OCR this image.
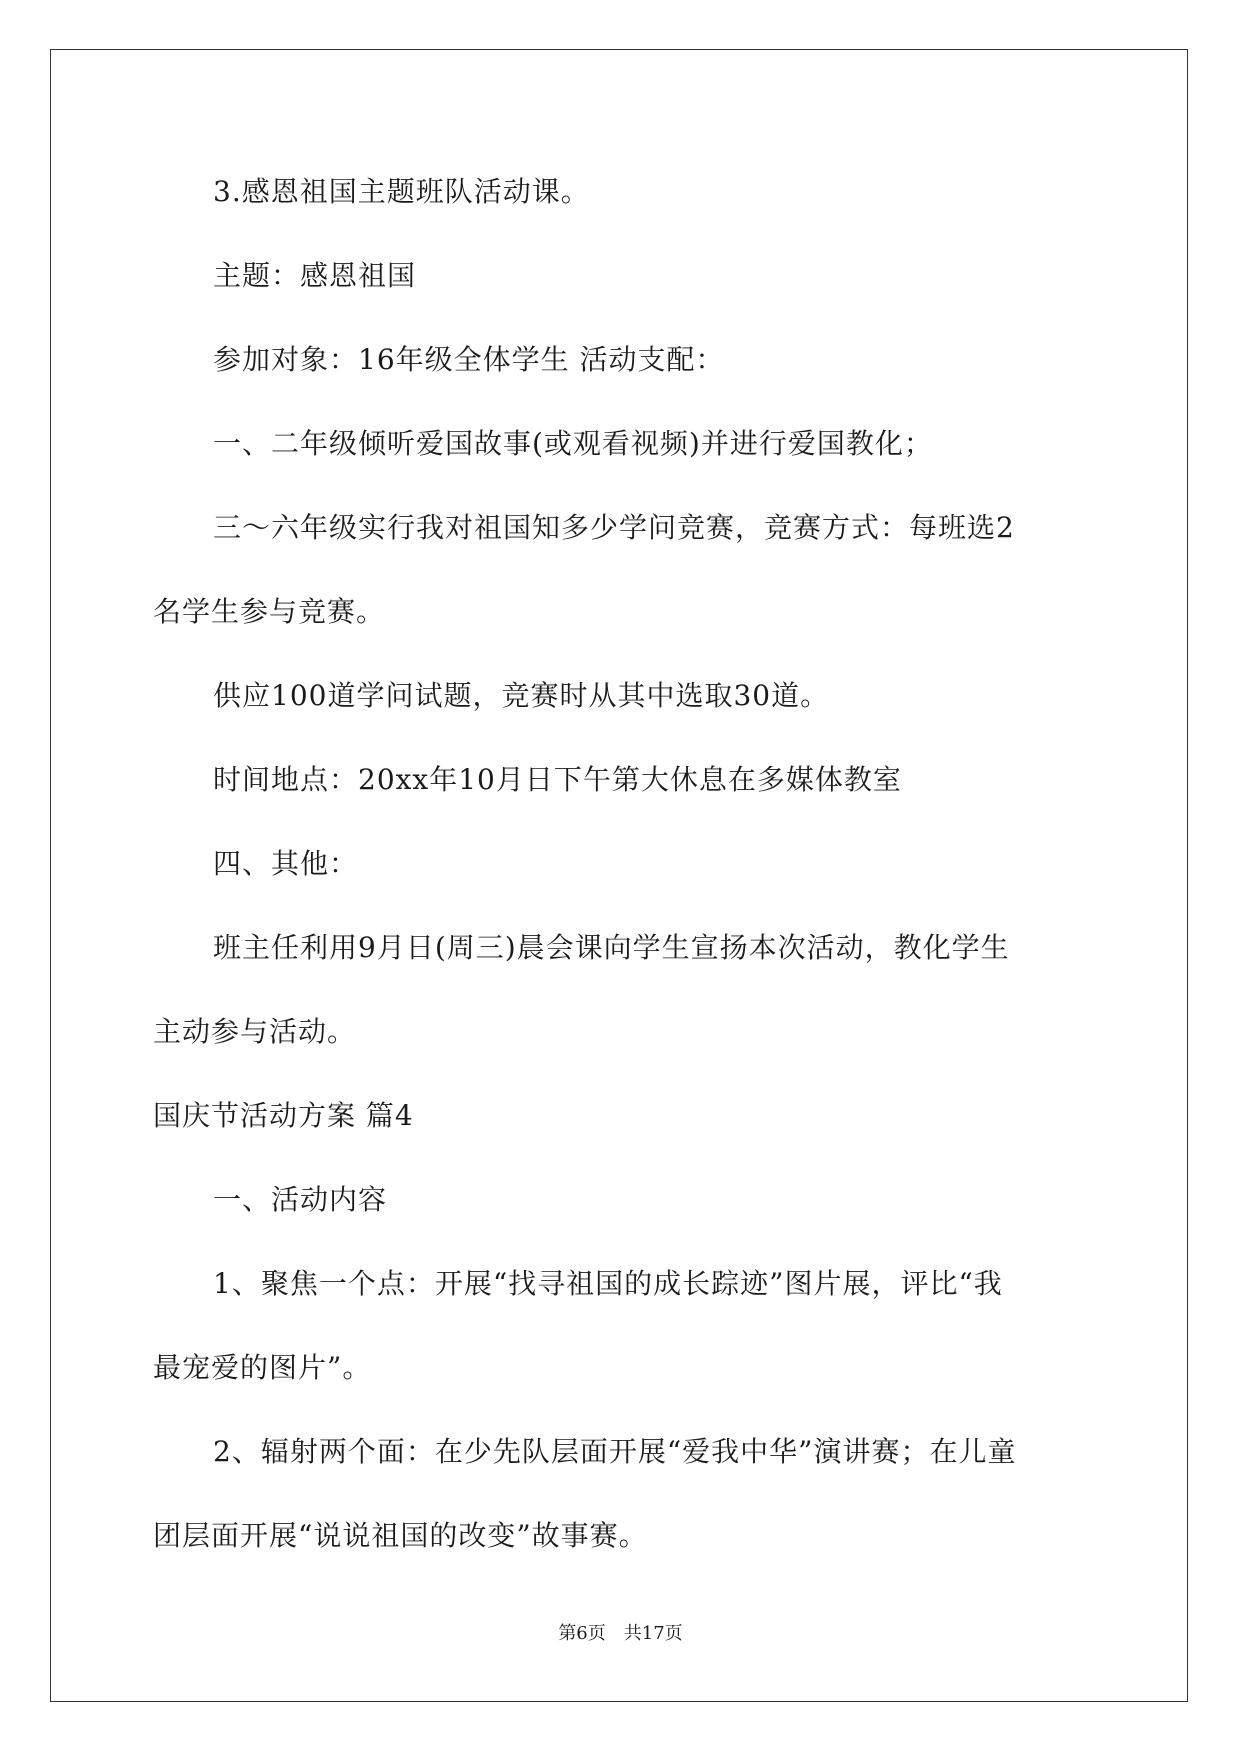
3.感恩祖国主题班队活动课。
主题：感恩祖国
参加对象：16年级全体学生 活动支配：
一、二年级倾听爱国故事(或观看视频)并进行爱国教化；
三～六年级实行我对祖国知多少学问竞赛，竞赛方式：每班选2
名学生参与竞赛。
供应100道学问试题，竞赛时从其中选取30道。
时间地点：20xx年10月日下午第大休息在多媒体教室
四、其他：
班主任利用9月日(周三)晨会课向学生宣扬本次活动，教化学生
主动参与活动。
国庆节活动方案 篇4
一、活动内容
1、聚焦一个点：开展“找寻祖国的成长踪迹”图片展，评比“我
最宠爱的图片”。
2、辐射两个面：在少先队层面开展“爱我中华”演讲赛；在儿童
团层面开展“说说祖国的改变”故事赛。
第6页 共17页
